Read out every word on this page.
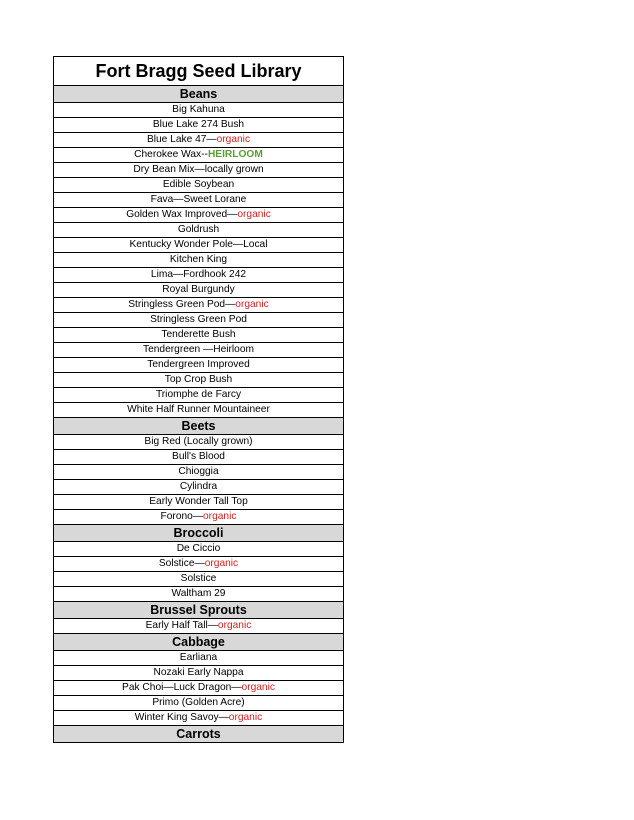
Fort Bragg Seed Library
Beans
Big Kahuna
Blue Lake 274 Bush
Blue Lake 47—organic
Cherokee Wax--HEIRLOOM
Dry Bean Mix—locally grown
Edible Soybean
Fava—Sweet Lorane
Golden Wax Improved—organic
Goldrush
Kentucky Wonder Pole—Local
Kitchen King
Lima—Fordhook 242
Royal Burgundy
Stringless Green Pod—organic
Stringless Green Pod
Tenderette Bush
Tendergreen —Heirloom
Tendergreen Improved
Top Crop Bush
Triomphe de Farcy
White Half Runner Mountaineer
Beets
Big Red (Locally grown)
Bull's Blood
Chioggia
Cylindra
Early Wonder Tall Top
Forono—organic
Broccoli
De Ciccio
Solstice—organic
Solstice
Waltham 29
Brussel Sprouts
Early Half Tall—organic
Cabbage
Earliana
Nozaki Early Nappa
Pak Choi—Luck Dragon—organic
Primo (Golden Acre)
Winter King Savoy—organic
Carrots
